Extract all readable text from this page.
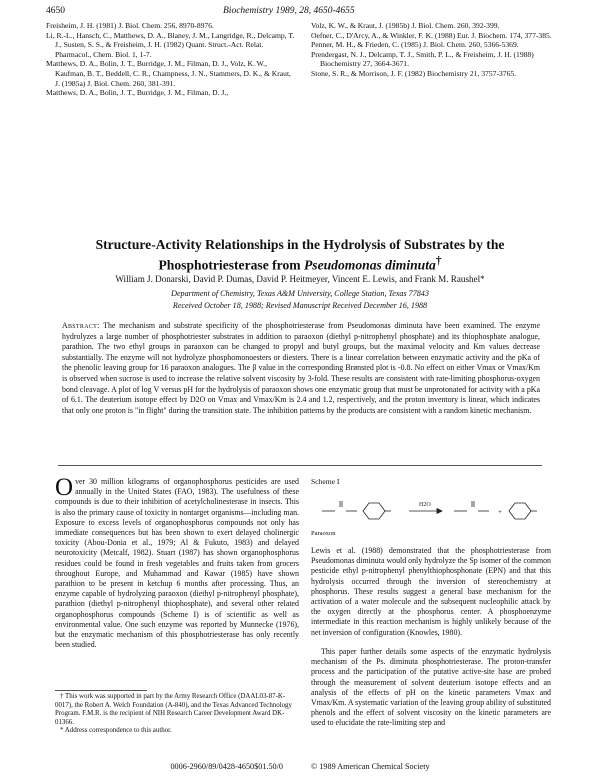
4650	Biochemistry 1989, 28, 4650-4655

Freisheim, J. H. (1981) J. Biol. Chem. 256, 8970-8976.

Li, R.-L., Hansch, C., Matthews, D. A., Blaney, J. M., Langridge, R., Delcamp, T. J., Susten, S. S., & Freisheim, J. H. (1982) Quant. Struct.-Act. Relat. Pharmacol., Chem. Biol. 1, 1-7.

Matthews, D. A., Bolin, J. T., Burridge, J. M., Filman, D. J., Volz, K. W., Kaufman, B. T., Beddell, C. R., Champness, J. N., Stammers, D. K., & Kraut, J. (1985a) J. Biol. Chem. 260, 381-391.

Matthews, D. A., Bolin, J. T., Burridge, J. M., Filman, D. J.,

Volz, K. W., & Kraut, J. (1985b) J. Biol. Chem. 260, 392-399.

Oefner, C., D'Arcy, A., & Winkler, F. K. (1988) Eur. J. Biochem. 174, 377-385.

Penner, M. H., & Frieden, C. (1985) J. Biol. Chem. 260, 5366-5369.

Prendergast, N. J., Delcamp, T. J., Smith, P. L., & Freisheim, J. H. (1988) Biochemistry 27, 3664-3671.

Stone, S. R., & Morrison, J. F. (1982) Biochemistry 21, 3757-3765.

Structure-Activity Relationships in the Hydrolysis of Substrates by the
Phosphotriesterase from Pseudomonas diminuta†
William J. Donarski, David P. Dumas, David P. Heitmeyer, Vincent E. Lewis, and Frank M. Raushel*
Department of Chemistry, Texas A&M University, College Station, Texas 77843
Received October 18, 1988; Revised Manuscript Received December 16, 1988
Abstract: The mechanism and substrate specificity of the phosphotriesterase from Pseudomonas diminuta have been examined. The enzyme hydrolyzes a large number of phosphotriester substrates in addition to paraoxon (diethyl p-nitrophenyl phosphate) and its thiophosphate analogue, parathion. The two ethyl groups in paraoxon can be changed to propyl and butyl groups, but the maximal velocity and Km values decrease substantially. The enzyme will not hydrolyze phosphomonoesters or diesters. There is a linear correlation between enzymatic activity and the pKa of the phenolic leaving group for 16 paraoxon analogues. The β value in the corresponding Brønsted plot is -0.8. No effect on either Vmax or Vmax/Km is observed when sucrose is used to increase the relative solvent viscosity by 3-fold. These results are consistent with rate-limiting phosphorus-oxygen bond cleavage. A plot of log V versus pH for the hydrolysis of paraoxon shows one enzymatic group that must be unprotonated for activity with a pKa of 6.1. The deuterium isotope effect by D2O on Vmax and Vmax/Km is 2.4 and 1.2, respectively, and the proton inventory is linear, which indicates that only one proton is "in flight" during the transition state. The inhibition patterns by the products are consistent with a random kinetic mechanism.
Over 30 million kilograms of organophosphorus pesticides are used annually in the United States (FAO, 1983). The usefulness of these compounds is due to their inhibition of acetylcholinesterase in insects. This is also the primary cause of toxicity in nontarget organisms—including man. Exposure to excess levels of organophosphorus compounds not only has immediate consequences but has been shown to exert delayed cholinergic toxicity (Abou-Donia et al., 1979; Al & Fukuto, 1983) and delayed neurotoxicity (Metcalf, 1982). Stuart (1987) has shown organophosphorus residues could be found in fresh vegetables and fruits taken from grocers throughout Europe, and Muhammad and Kawar (1985) have shown parathion to be present in ketchup 6 months after processing. Thus, an enzyme capable of hydrolyzing paraoxon (diethyl p-nitrophenyl phosphate), parathion (diethyl p-nitrophenyl thiophosphate), and several other related organophosphorus compounds (Scheme I) is of scientific as well as environmental value. One such enzyme was reported by Munnecke (1976), but the enzymatic mechanism of this phosphotriesterase has only recently been studied.

† This work was supported in part by the Army Research Office (DAAL03-87-K-0017), the Robert A. Welch Foundation (A-840), and the Texas Advanced Technology Program. F.M.R. is the recipient of NIH Research Career Development Award DK-01366.

* Address correspondence to this author.

Scheme I
H2O
+
Paraoxon
Lewis et al. (1988) demonstrated that the phosphotriesterase from Pseudomonas diminuta would only hydrolyze the Sp isomer of the common pesticide ethyl p-nitrophenyl phenylthiophosphonate (EPN) and that this hydrolysis occurred through the inversion of stereochemistry at phosphorus. These results suggest a general base mechanism for the activation of a water molecule and the subsequent nucleophilic attack by the oxygen directly at the phosphorus center. A phosphoenzyme intermediate in this reaction mechanism is highly unlikely because of the net inversion of configuration (Knowles, 1980).
This paper further details some aspects of the enzymatic hydrolysis mechanism of the Ps. diminuta phosphotriesterase. The proton-transfer process and the participation of the putative active-site base are probed through the measurement of solvent deuterium isotope effects and an analysis of the effects of pH on the kinetic parameters Vmax and Vmax/Km. A systematic variation of the leaving group ability of substituted phenols and the effect of solvent viscosity on the kinetic parameters are used to elucidate the rate-limiting step and
0006-2960/89/0428-4650$01.50/0	© 1989 American Chemical Society
